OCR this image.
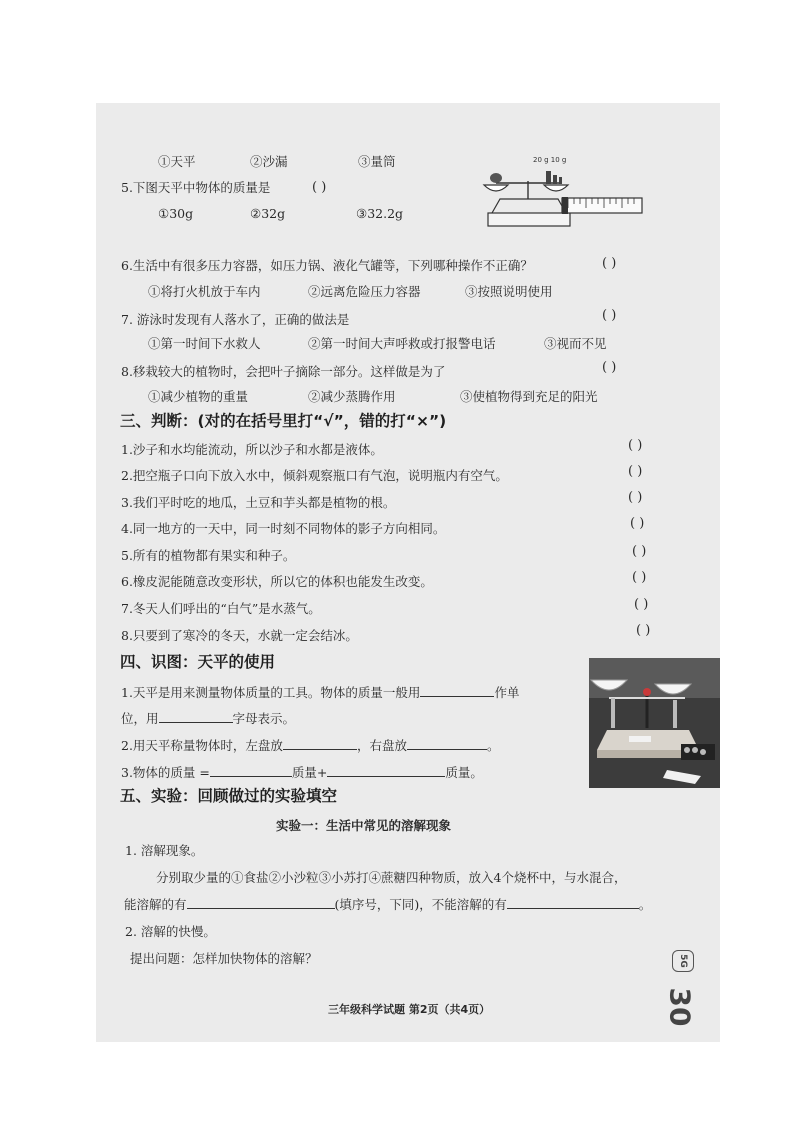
①天平	②沙漏	③量筒
5.下图天平中物体的质量是	( )
①30g	②32g	③32.2g
20 g 10 g
6.生活中有很多压力容器，如压力锅、液化气罐等，下列哪种操作不正确？	( )
①将打火机放于车内	②远离危险压力容器	③按照说明使用
7. 游泳时发现有人落水了，正确的做法是	( )
①第一时间下水救人	②第一时间大声呼救或打报警电话	③视而不见
8.移栽较大的植物时，会把叶子摘除一部分。这样做是为了	( )
①减少植物的重量	②减少蒸腾作用	③使植物得到充足的阳光
三、判断：(对的在括号里打“√”，错的打“×”)
1.沙子和水均能流动，所以沙子和水都是液体。	( )
2.把空瓶子口向下放入水中，倾斜观察瓶口有气泡，说明瓶内有空气。	( )
3.我们平时吃的地瓜，土豆和芋头都是植物的根。	( )
4.同一地方的一天中，同一时刻不同物体的影子方向相同。	( )
5.所有的植物都有果实和种子。	( )
6.橡皮泥能随意改变形状，所以它的体积也能发生改变。	( )
7.冬天人们呼出的“白气”是水蒸气。	( )
8.只要到了寒冷的冬天，水就一定会结冰。	( )
四、识图：天平的使用
1.天平是用来测量物体质量的工具。物体的质量一般用	作单
位，用	字母表示。
2.用天平称量物体时，左盘放	，右盘放	。
3.物体的质量 =	质量+	质量。
五、实验：回顾做过的实验填空
实验一：生活中常见的溶解现象
1. 溶解现象。
分别取少量的①食盐②小沙粒③小苏打④蔗糖四种物质，放入4个烧杯中，与水混合，
能溶解的有	(填序号，下同)，不能溶解的有	。
2. 溶解的快慢。
提出问题：怎样加快物体的溶解？
三年级科学试题 第2页（共4页）
5G
30
